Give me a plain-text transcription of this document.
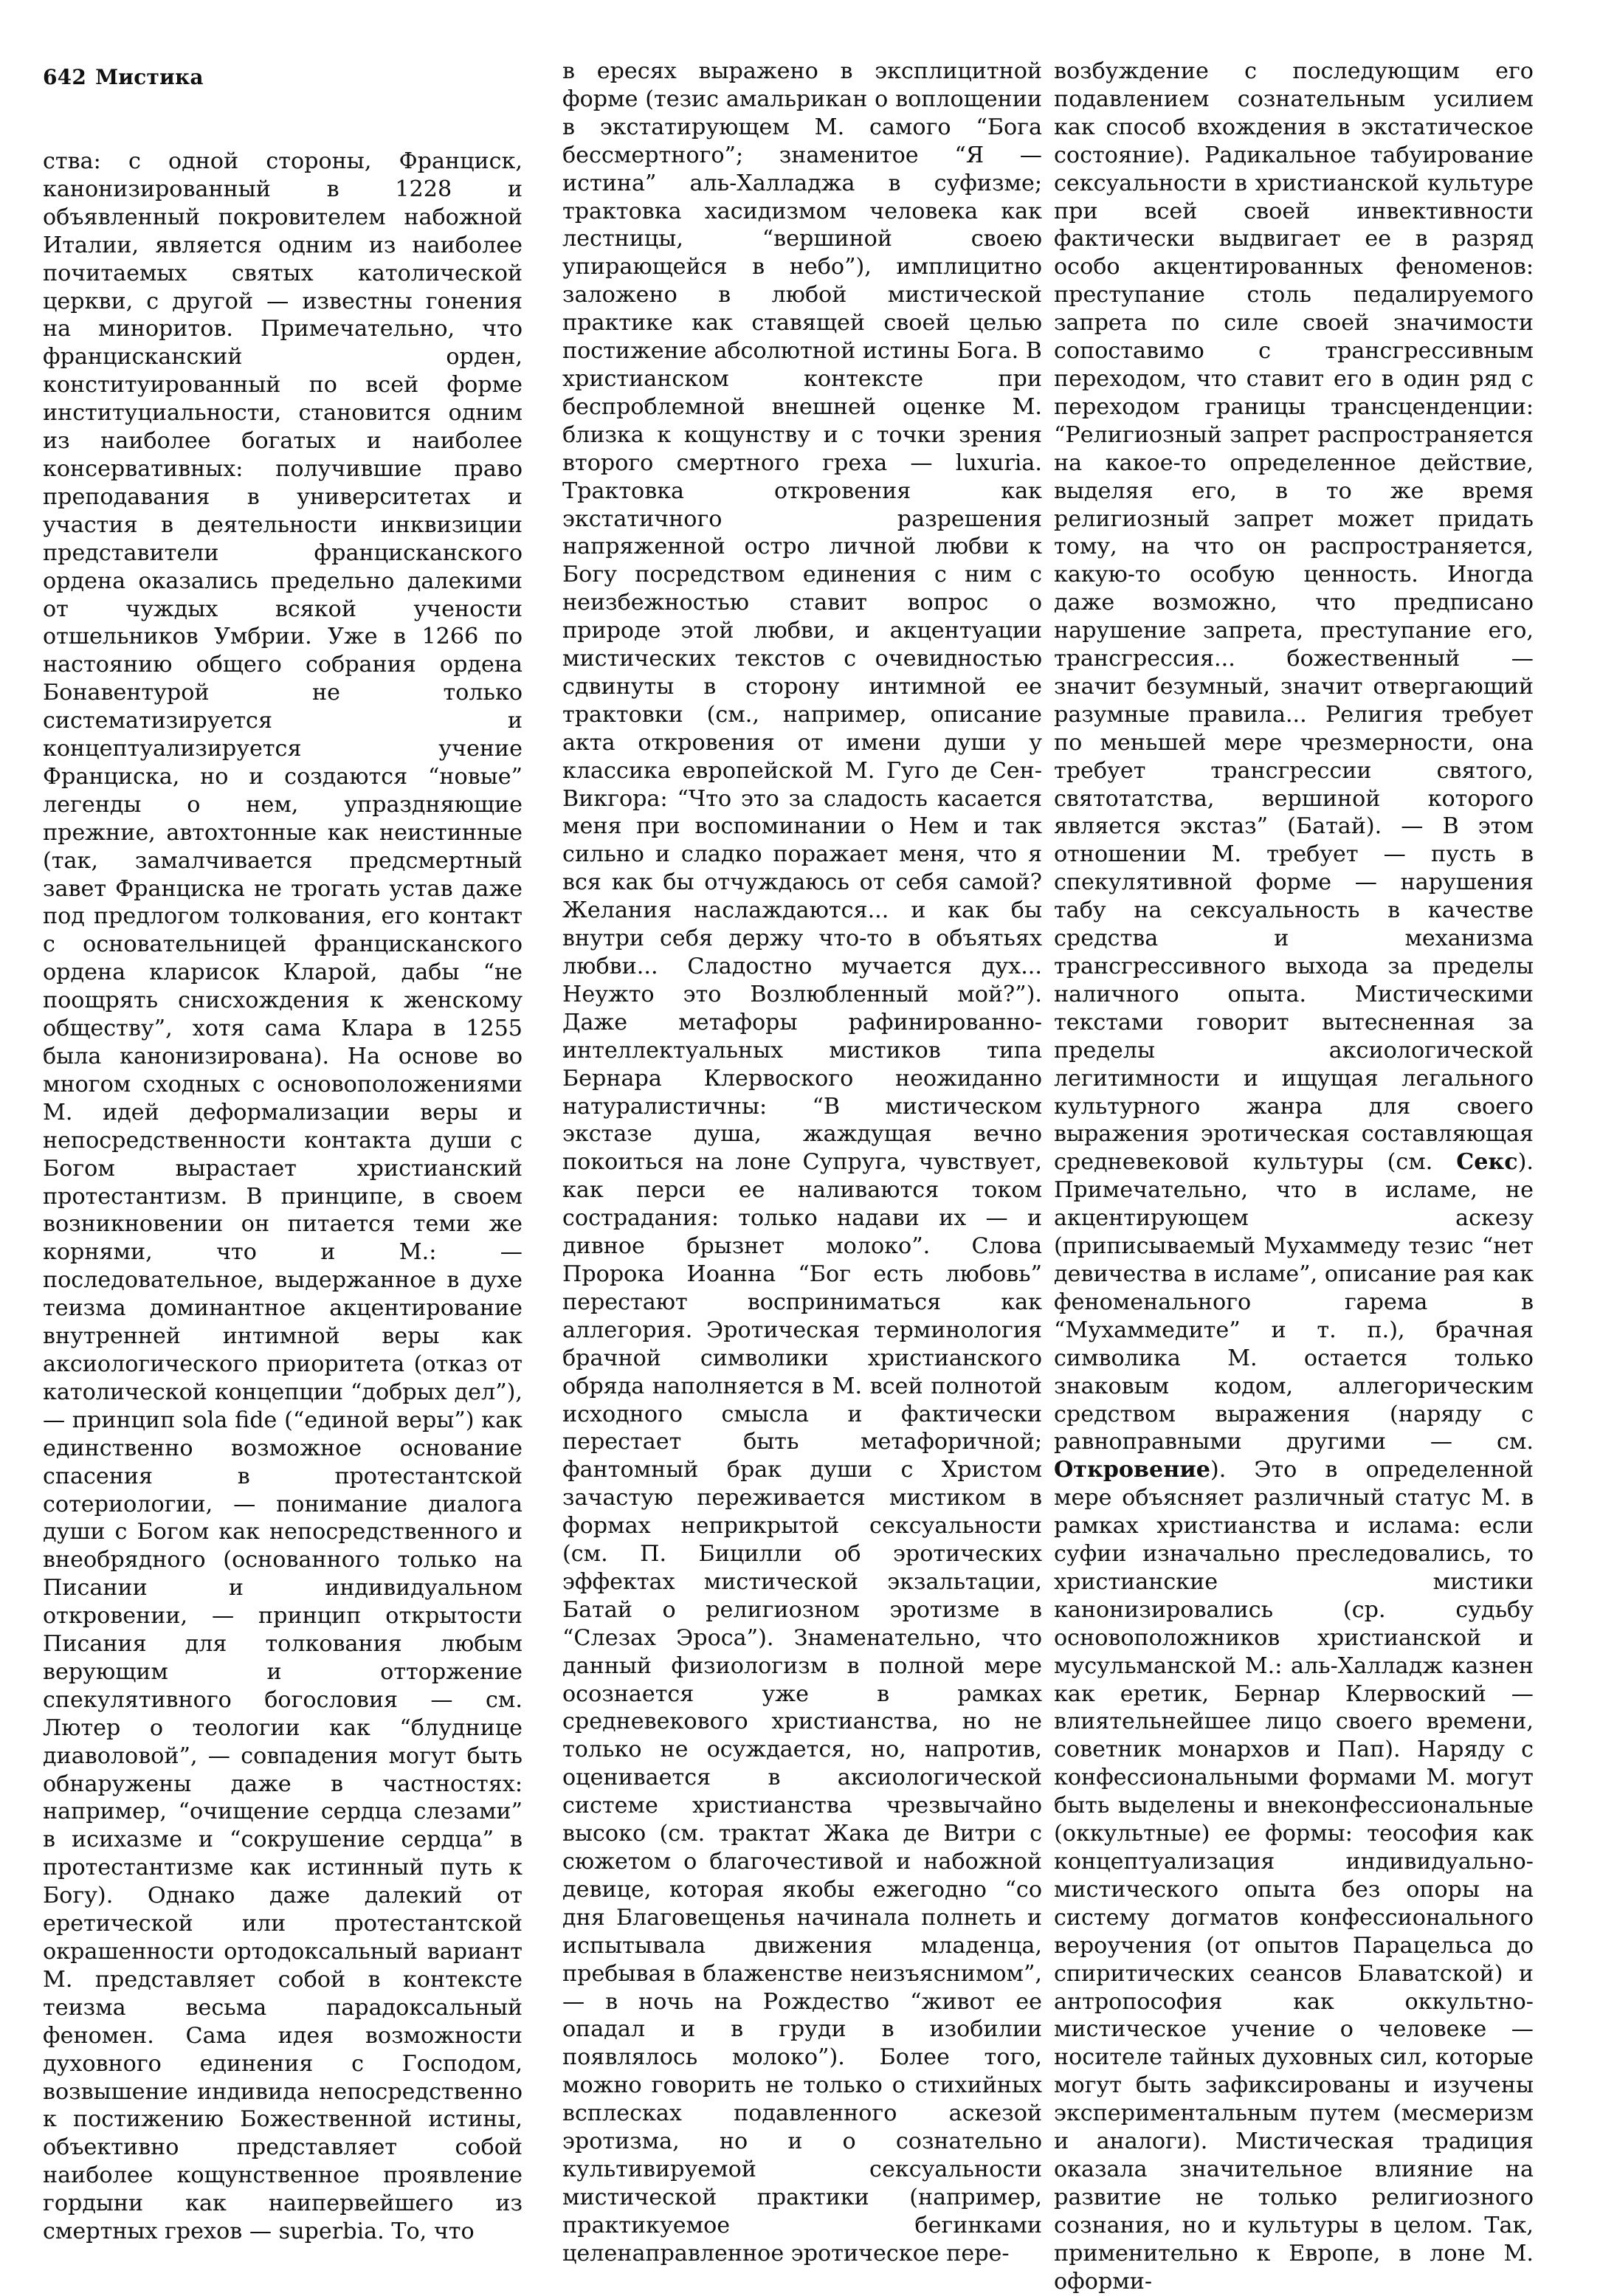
642 Мистика

ства: с одной стороны, Франциск, канонизированный в 1228 и объявленный покровителем набожной Италии, является одним из наиболее почитаемых святых католической церкви, с другой — известны гонения на миноритов. Примечательно, что францисканский орден, конституированный по всей форме институциальности, становится одним из наиболее богатых и наиболее консервативных: получившие право преподавания в университетах и участия в деятельности инквизиции представители францисканского ордена оказались предельно далекими от чуждых всякой учености отшельников Умбрии. Уже в 1266 по настоянию общего собрания ордена Бонавентурой не только систематизируется и концептуализируется учение Франциска, но и создаются “новые” легенды о нем, упраздняющие прежние, автохтонные как неистинные (так, замалчивается предсмертный завет Франциска не трогать устав даже под предлогом толкования, его контакт с основательницей францисканского ордена кларисок Кларой, дабы “не поощрять снисхождения к женскому обществу”, хотя сама Клара в 1255 была канонизирована). На основе во многом сходных с основоположениями М. идей деформализации веры и непосредственности контакта души с Богом вырастает христианский протестантизм. В принципе, в своем возникновении он питается теми же корнями, что и М.: — последовательное, выдержанное в духе теизма доминантное акцентирование внутренней интимной веры как аксиологического приоритета (отказ от католической концепции “добрых дел”), — принцип sola fide (“единой веры”) как единственно возможное основание спасения в протестантской сотериологии, — понимание диалога души с Богом как непосредственного и внеобрядного (основанного только на Писании и индивидуальном откровении, — принцип открытости Писания для толкования любым верующим и отторжение спекулятивного богословия — см. Лютер о теологии как “блуднице диаволовой”, — совпадения могут быть обнаружены даже в частностях: например, “очищение сердца слезами” в исихазме и “сокрушение сердца” в протестантизме как истинный путь к Богу). Однако даже далекий от еретической или протестантской окрашенности ортодоксальный вариант М. представляет собой в контексте теизма весьма парадоксальный феномен. Сама идея возможности духовного единения с Господом, возвышение индивида непосредственно к постижению Божественной истины, объективно представляет собой наиболее кощунственное проявление гордыни как наипервейшего из смертных грехов — superbia. То, что

в ересях выражено в эксплицитной форме (тезис амальрикан о воплощении в экстатирующем М. самого “Бога бессмертного”; знаменитое “Я — истина” аль-Халладжа в суфизме; трактовка хасидизмом человека как лестницы, “вершиной своею упирающейся в небо”), имплицитно заложено в любой мистической практике как ставящей своей целью постижение абсолютной истины Бога. В христианском контексте при беспроблемной внешней оценке М. близка к кощунству и с точки зрения второго смертного греха — luxuria. Трактовка откровения как экстатичного разрешения напряженной остро личной любви к Богу посредством единения с ним с неизбежностью ставит вопрос о природе этой любви, и акцентуации мистических текстов с очевидностью сдвинуты в сторону интимной ее трактовки (см., например, описание акта откровения от имени души у классика европейской М. Гуго де Сен-Викгора: “Что это за сладость касается меня при воспоминании о Нем и так сильно и сладко поражает меня, что я вся как бы отчуждаюсь от себя самой? Желания наслаждаются... и как бы внутри себя держу что-то в объятьях любви... Сладостно мучается дух... Неужто это Возлюбленный мой?”). Даже метафоры рафинированно-интеллектуальных мистиков типа Бернара Клервоского неожиданно натуралистичны: “В мистическом экстазе душа, жаждущая вечно покоиться на лоне Супруга, чувствует, как перси ее наливаются током сострадания: только надави их — и дивное брызнет молоко”. Слова Пророка Иоанна “Бог есть любовь” перестают восприниматься как аллегория. Эротическая терминология брачной символики христианского обряда наполняется в М. всей полнотой исходного смысла и фактически перестает быть метафоричной; фантомный брак души с Христом зачастую переживается мистиком в формах неприкрытой сексуальности (см. П. Бицилли об эротических эффектах мистической экзальтации, Батай о религиозном эротизме в “Слезах Эроса”). Знаменательно, что данный физиологизм в полной мере осознается уже в рамках средневекового христианства, но не только не осуждается, но, напротив, оценивается в аксиологической системе христианства чрезвычайно высоко (см. трактат Жака де Витри с сюжетом о благочестивой и набожной девице, которая якобы ежегодно “со дня Благовещенья начинала полнеть и испытывала движения младенца, пребывая в блаженстве неизъяснимом”, — в ночь на Рождество “живот ее опадал и в груди в изобилии появлялось молоко”). Более того, можно говорить не только о стихийных всплесках подавленного аскезой эротизма, но и о сознательно культивируемой сексуальности мистической практики (например, практикуемое бегинками целенаправленное эротическое пере-

возбуждение с последующим его подавлением сознательным усилием как способ вхождения в экстатическое состояние). Радикальное табуирование сексуальности в христианской культуре при всей своей инвективности фактически выдвигает ее в разряд особо акцентированных феноменов: преступание столь педалируемого запрета по силе своей значимости сопоставимо с трансгрессивным переходом, что ставит его в один ряд с переходом границы трансценденции: “Религиозный запрет распространяется на какое-то определенное действие, выделяя его, в то же время религиозный запрет может придать тому, на что он распространяется, какую-то особую ценность. Иногда даже возможно, что предписано нарушение запрета, преступание его, трансгрессия... божественный — значит безумный, значит отвергающий разумные правила... Религия требует по меньшей мере чрезмерности, она требует трансгрессии святого, святотатства, вершиной которого является экстаз” (Батай). — В этом отношении М. требует — пусть в спекулятивной форме — нарушения табу на сексуальность в качестве средства и механизма трансгрессивного выхода за пределы наличного опыта. Мистическими текстами говорит вытесненная за пределы аксиологической легитимности и ищущая легального культурного жанра для своего выражения эротическая составляющая средневековой культуры (см. Секс). Примечательно, что в исламе, не акцентирующем аскезу (приписываемый Мухаммеду тезис “нет девичества в исламе”, описание рая как феноменального гарема в “Мухаммедите” и т. п.), брачная символика М. остается только знаковым кодом, аллегорическим средством выражения (наряду с равноправными другими — см. Откровение). Это в определенной мере объясняет различный статус М. в рамках христианства и ислама: если суфии изначально преследовались, то христианские мистики канонизировались (ср. судьбу основоположников христианской и мусульманской М.: аль-Халладж казнен как еретик, Бернар Клервоский — влиятельнейшее лицо своего времени, советник монархов и Пап). Наряду с конфессиональными формами М. могут быть выделены и внеконфессиональные (оккультные) ее формы: теософия как концептуализация индивидуально-мистического опыта без опоры на систему догматов конфессионального вероучения (от опытов Парацельса до спиритических сеансов Блаватской) и антропософия как оккультно-мистическое учение о человеке — носителе тайных духовных сил, которые могут быть зафиксированы и изучены экспериментальным путем (месмеризм и аналоги). Мистическая традиция оказала значительное влияние на развитие не только религиозного сознания, но и культуры в целом. Так, применительно к Европе, в лоне М. оформи-
